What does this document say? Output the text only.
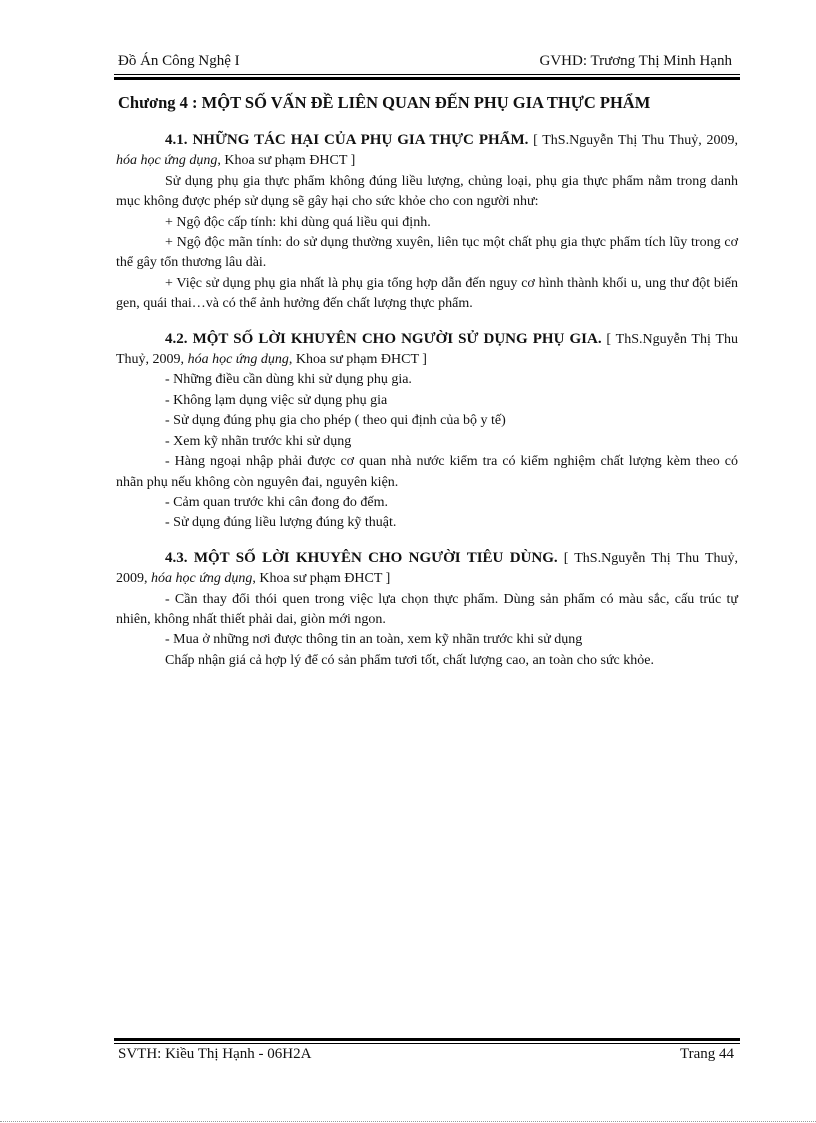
Đồ Án Công Nghệ I	GVHD: Trương Thị Minh Hạnh
Chương 4 : MỘT SỐ VẤN ĐỀ LIÊN QUAN ĐẾN PHỤ GIA THỰC PHẨM

4.1. NHỮNG TÁC HẠI CỦA PHỤ GIA THỰC PHẨM. [ ThS.Nguyễn Thị Thu Thuỷ, 2009, hóa học ứng dụng, Khoa sư phạm ĐHCT ]

Sử dụng phụ gia thực phẩm không đúng liều lượng, chủng loại, phụ gia thực phẩm nằm trong danh mục không được phép sử dụng sẽ gây hại cho sức khỏe cho con người như:

+ Ngộ độc cấp tính: khi dùng quá liều qui định.

+ Ngộ độc mãn tính: do sử dụng thường xuyên, liên tục một chất phụ gia thực phẩm tích lũy trong cơ thể gây tổn thương lâu dài.

+ Việc sử dụng phụ gia nhất là phụ gia tổng hợp dẫn đến nguy cơ hình thành khối u, ung thư đột biến gen, quái thai…và có thể ảnh hưởng đến chất lượng thực phẩm.

4.2. MỘT SỐ LỜI KHUYÊN CHO NGƯỜI SỬ DỤNG PHỤ GIA. [ ThS.Nguyễn Thị Thu Thuỷ, 2009, hóa học ứng dụng, Khoa sư phạm ĐHCT ]

- Những điều cần dùng khi sử dụng phụ gia.

- Không lạm dụng việc sử dụng phụ gia

- Sử dụng đúng phụ gia cho phép ( theo qui định của bộ y tế)

- Xem kỹ nhãn trước khi sử dụng

- Hàng ngoại nhập phải được cơ quan nhà nước kiểm tra có kiểm nghiệm chất lượng kèm theo có nhãn phụ nếu không còn nguyên đai, nguyên kiện.

- Cảm quan trước khi cân đong đo đếm.

- Sử dụng đúng liều lượng đúng kỹ thuật.

4.3. MỘT SỐ LỜI KHUYÊN CHO NGƯỜI TIÊU DÙNG. [ ThS.Nguyễn Thị Thu Thuỷ, 2009, hóa học ứng dụng, Khoa sư phạm ĐHCT ]

- Cần thay đổi thói quen trong việc lựa chọn thực phẩm. Dùng sản phẩm có màu sắc, cấu trúc tự nhiên, không nhất thiết phải dai, giòn mới ngon.

- Mua ở những nơi được thông tin an toàn, xem kỹ nhãn trước khi sử dụng

Chấp nhận giá cả hợp lý để có sản phẩm tươi tốt, chất lượng cao, an toàn cho sức khỏe.

SVTH: Kiều Thị Hạnh - 06H2A	Trang 44
